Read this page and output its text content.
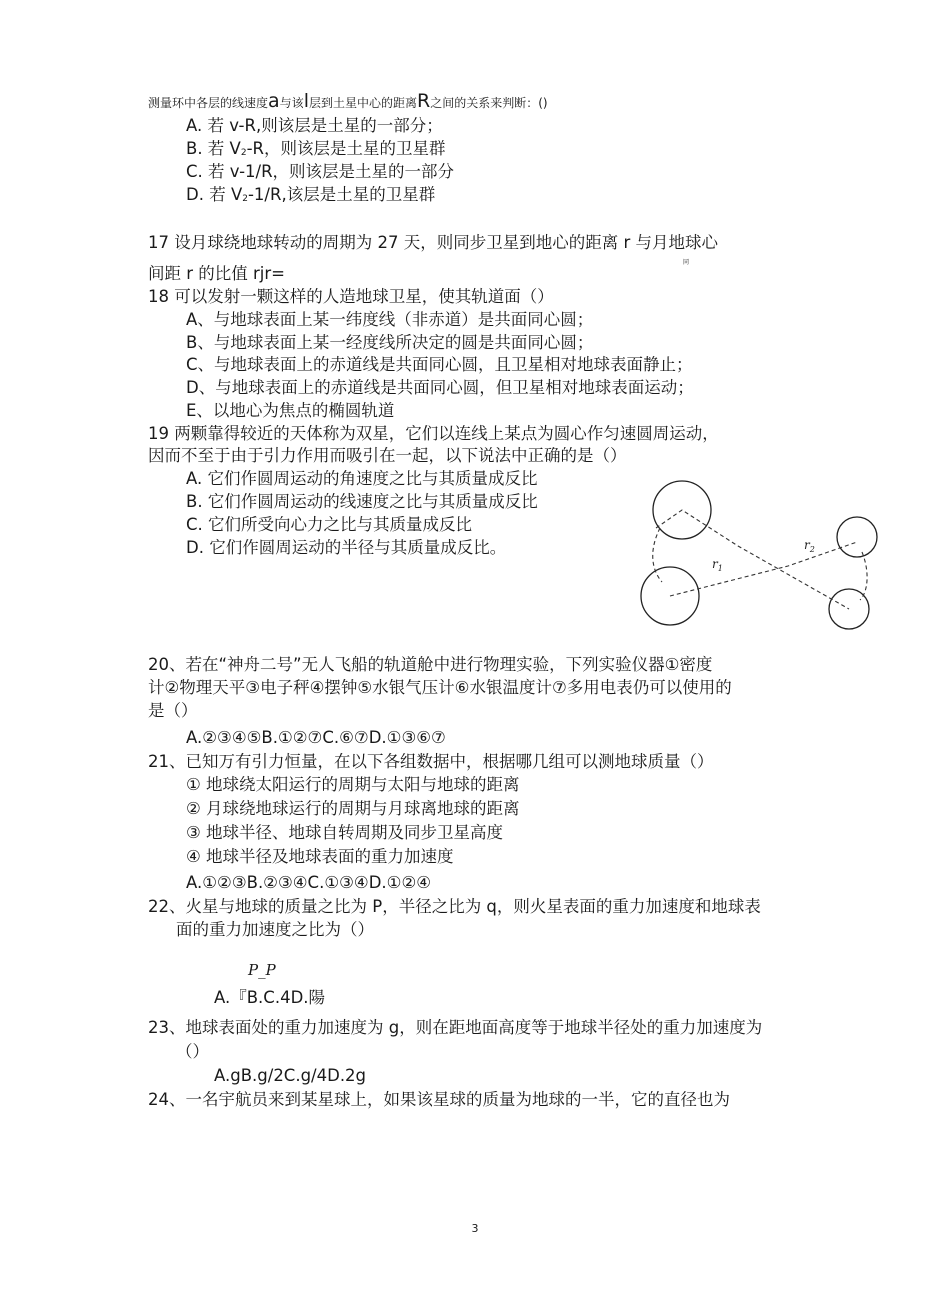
测量环中各层的线速度a与该l层到土星中心的距离R之间的关系来判断：()
A. 若 v-R,则该层是土星的一部分；
B. 若 V2-R，则该层是土星的卫星群
C. 若 v-1/R，则该层是土星的一部分
D. 若 V2-1/R,该层是土星的卫星群
17 设月球绕地球转动的周期为 27 天，则同步卫星到地心的距离 r 与月地球心
同
间距 r 的比值 rjr=
18 可以发射一颗这样的人造地球卫星，使其轨道面（）
A、与地球表面上某一纬度线（非赤道）是共面同心圆；
B、与地球表面上某一经度线所决定的圆是共面同心圆；
C、与地球表面上的赤道线是共面同心圆，且卫星相对地球表面静止；
D、与地球表面上的赤道线是共面同心圆，但卫星相对地球表面运动；
E、以地心为焦点的椭圆轨道
19 两颗靠得较近的天体称为双星，它们以连线上某点为圆心作匀速圆周运动，
因而不至于由于引力作用而吸引在一起，以下说法中正确的是（）
A. 它们作圆周运动的角速度之比与其质量成反比
B. 它们作圆周运动的线速度之比与其质量成反比
C. 它们所受向心力之比与其质量成反比
D. 它们作圆周运动的半径与其质量成反比。
$r_1$
$r_2$
20、若在“神舟二号”无人飞船的轨道舱中进行物理实验，下列实验仪器①密度
计②物理天平③电子秤④摆钟⑤水银气压计⑥水银温度计⑦多用电表仍可以使用的
是（）
A.②③④⑤B.①②⑦C.⑥⑦D.①③⑥⑦
21、已知万有引力恒量，在以下各组数据中，根据哪几组可以测地球质量（）
① 地球绕太阳运行的周期与太阳与地球的距离
② 月球绕地球运行的周期与月球离地球的距离
③ 地球半径、地球自转周期及同步卫星高度
④ 地球半径及地球表面的重力加速度
A.①②③B.②③④C.①③④D.①②④
22、火星与地球的质量之比为 P，半径之比为 q，则火星表面的重力加速度和地球表
面的重力加速度之比为（）
P_P
A.『B.C.4D.陽
23、地球表面处的重力加速度为 g，则在距地面高度等于地球半径处的重力加速度为
（）
A.gB.g/2C.g/4D.2g
24、一名宇航员来到某星球上，如果该星球的质量为地球的一半，它的直径也为
3
